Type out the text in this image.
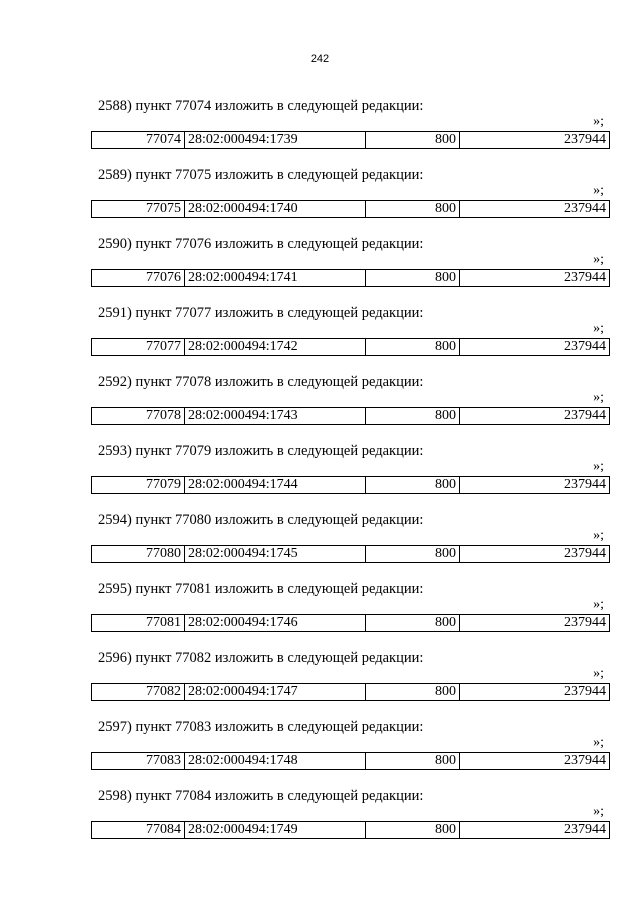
242
2588) пункт 77074 изложить в следующей редакции:
»;
77074	28:02:000494:1739	800	237944
2589) пункт 77075 изложить в следующей редакции:
»;
77075	28:02:000494:1740	800	237944
2590) пункт 77076 изложить в следующей редакции:
»;
77076	28:02:000494:1741	800	237944
2591) пункт 77077 изложить в следующей редакции:
»;
77077	28:02:000494:1742	800	237944
2592) пункт 77078 изложить в следующей редакции:
»;
77078	28:02:000494:1743	800	237944
2593) пункт 77079 изложить в следующей редакции:
»;
77079	28:02:000494:1744	800	237944
2594) пункт 77080 изложить в следующей редакции:
»;
77080	28:02:000494:1745	800	237944
2595) пункт 77081 изложить в следующей редакции:
»;
77081	28:02:000494:1746	800	237944
2596) пункт 77082 изложить в следующей редакции:
»;
77082	28:02:000494:1747	800	237944
2597) пункт 77083 изложить в следующей редакции:
»;
77083	28:02:000494:1748	800	237944
2598) пункт 77084 изложить в следующей редакции:
»;
77084	28:02:000494:1749	800	237944
